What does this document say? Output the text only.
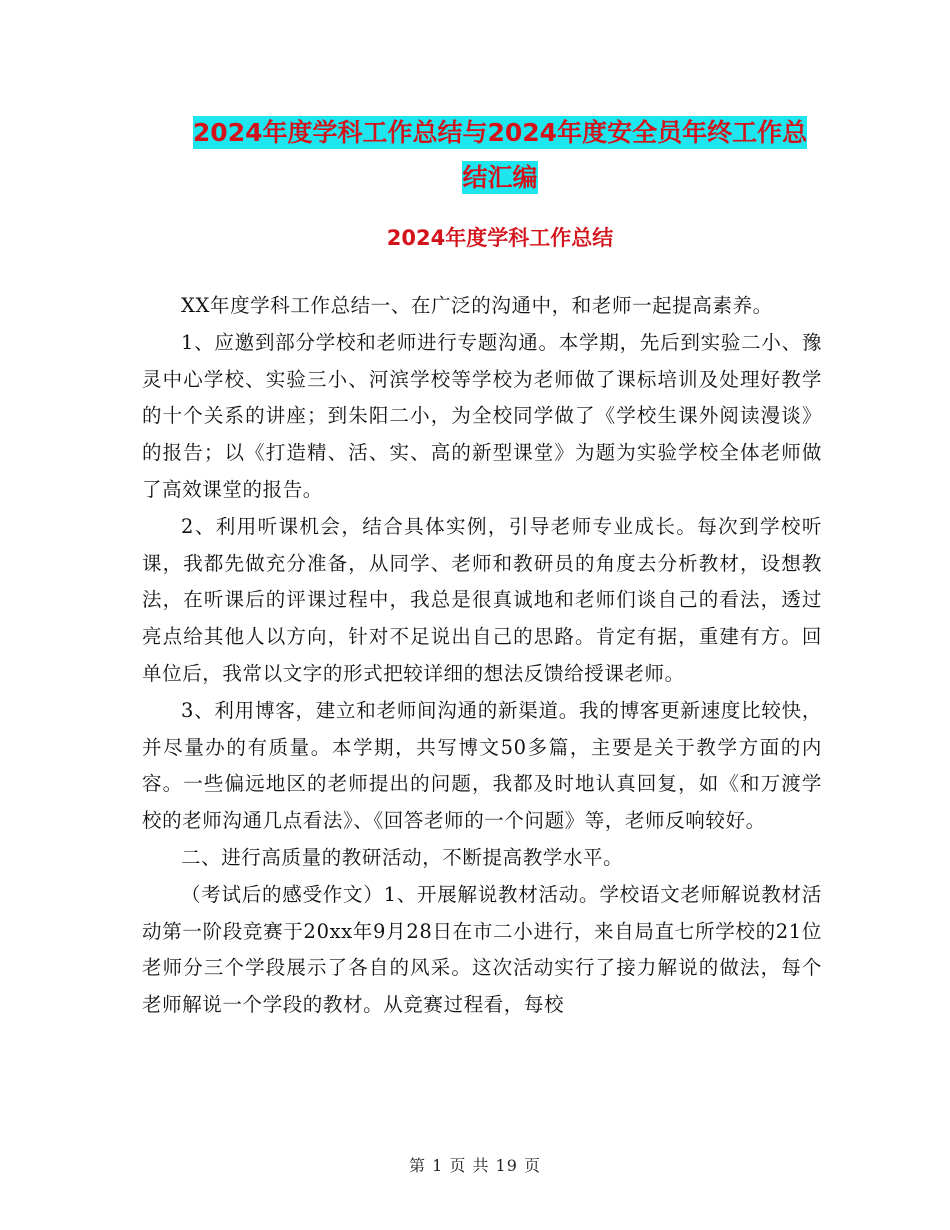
2024年度学科工作总结与2024年度安全员年终工作总
结汇编
2024年度学科工作总结

XX年度学科工作总结一、在广泛的沟通中，和老师一起提高素养。

1、应邀到部分学校和老师进行专题沟通。本学期，先后到实验二小、豫灵中心学校、实验三小、河滨学校等学校为老师做了课标培训及处理好教学的十个关系的讲座；到朱阳二小，为全校同学做了《学校生课外阅读漫谈》的报告；以《打造精、活、实、高的新型课堂》为题为实验学校全体老师做了高效课堂的报告。

2、利用听课机会，结合具体实例，引导老师专业成长。每次到学校听课，我都先做充分准备，从同学、老师和教研员的角度去分析教材，设想教法，在听课后的评课过程中，我总是很真诚地和老师们谈自己的看法，透过亮点给其他人以方向，针对不足说出自己的思路。肯定有据，重建有方。回单位后，我常以文字的形式把较详细的想法反馈给授课老师。

3、利用博客，建立和老师间沟通的新渠道。我的博客更新速度比较快，并尽量办的有质量。本学期，共写博文50多篇，主要是关于教学方面的内容。一些偏远地区的老师提出的问题，我都及时地认真回复，如《和万渡学校的老师沟通几点看法》、《回答老师的一个问题》等，老师反响较好。

二、进行高质量的教研活动，不断提高教学水平。

（考试后的感受作文）1、开展解说教材活动。学校语文老师解说教材活动第一阶段竞赛于20xx年9月28日在市二小进行，来自局直七所学校的21位老师分三个学段展示了各自的风采。这次活动实行了接力解说的做法，每个老师解说一个学段的教材。从竞赛过程看，每校

第 1 页 共 19 页
